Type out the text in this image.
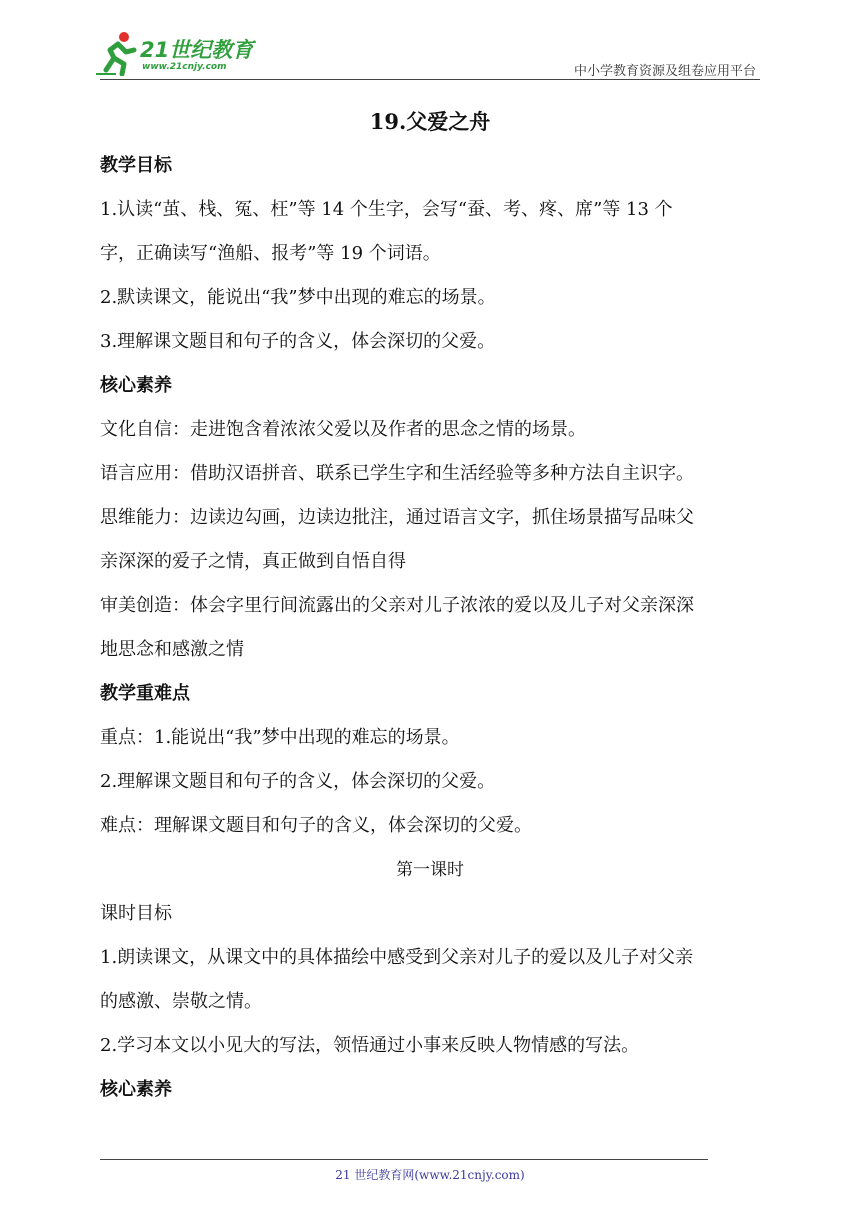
21世纪教育
www.21cnjy.com	中小学教育资源及组卷应用平台
19.父爱之舟

教学目标

1.认读“茧、栈、冤、枉”等 14 个生字，会写“蚕、考、疼、席”等 13 个

字，正确读写“渔船、报考”等 19 个词语。

2.默读课文，能说出“我”梦中出现的难忘的场景。

3.理解课文题目和句子的含义，体会深切的父爱。

核心素养

文化自信：走进饱含着浓浓父爱以及作者的思念之情的场景。

语言应用：借助汉语拼音、联系已学生字和生活经验等多种方法自主识字。

思维能力：边读边勾画，边读边批注，通过语言文字，抓住场景描写品味父

亲深深的爱子之情，真正做到自悟自得

审美创造：体会字里行间流露出的父亲对儿子浓浓的爱以及儿子对父亲深深

地思念和感激之情

教学重难点

重点：1.能说出“我”梦中出现的难忘的场景。

2.理解课文题目和句子的含义，体会深切的父爱。

难点：理解课文题目和句子的含义，体会深切的父爱。

第一课时

课时目标

1.朗读课文，从课文中的具体描绘中感受到父亲对儿子的爱以及儿子对父亲

的感激、崇敬之情。

2.学习本文以小见大的写法，领悟通过小事来反映人物情感的写法。

核心素养

21 世纪教育网(www.21cnjy.com)
